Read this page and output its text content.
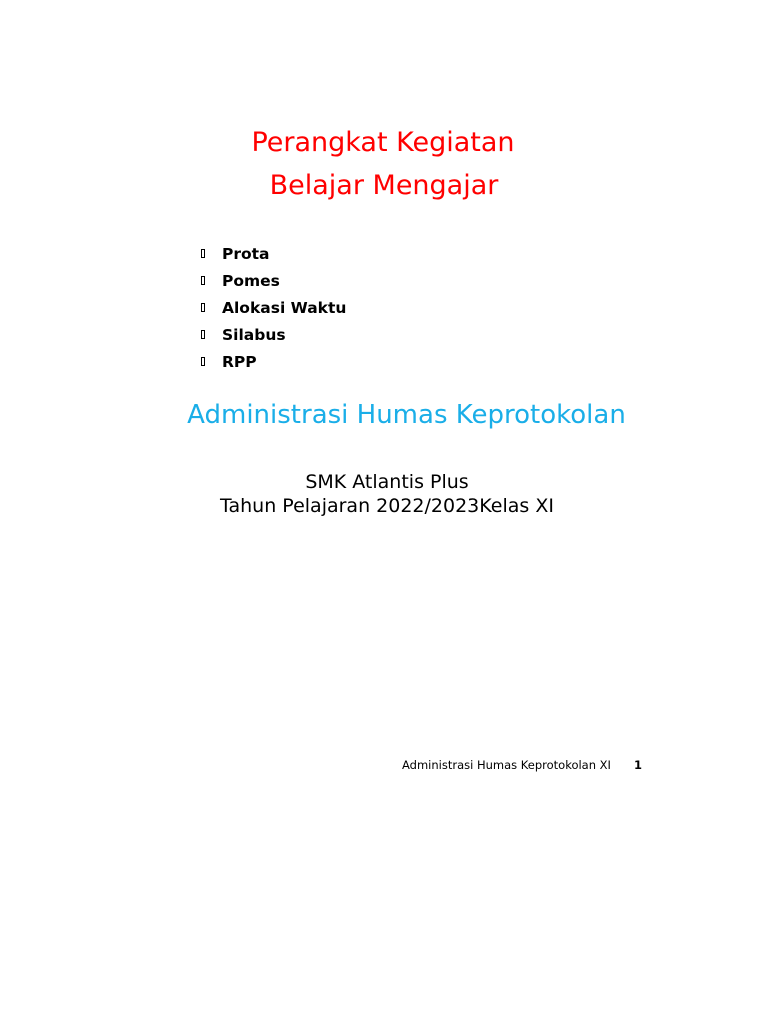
Perangkat Kegiatan
Belajar Mengajar
Prota
Pomes
Alokasi Waktu
Silabus
RPP
Administrasi Humas Keprotokolan
SMK Atlantis Plus
Tahun Pelajaran 2022/2023Kelas XI
Administrasi Humas Keprotokolan XI 1
